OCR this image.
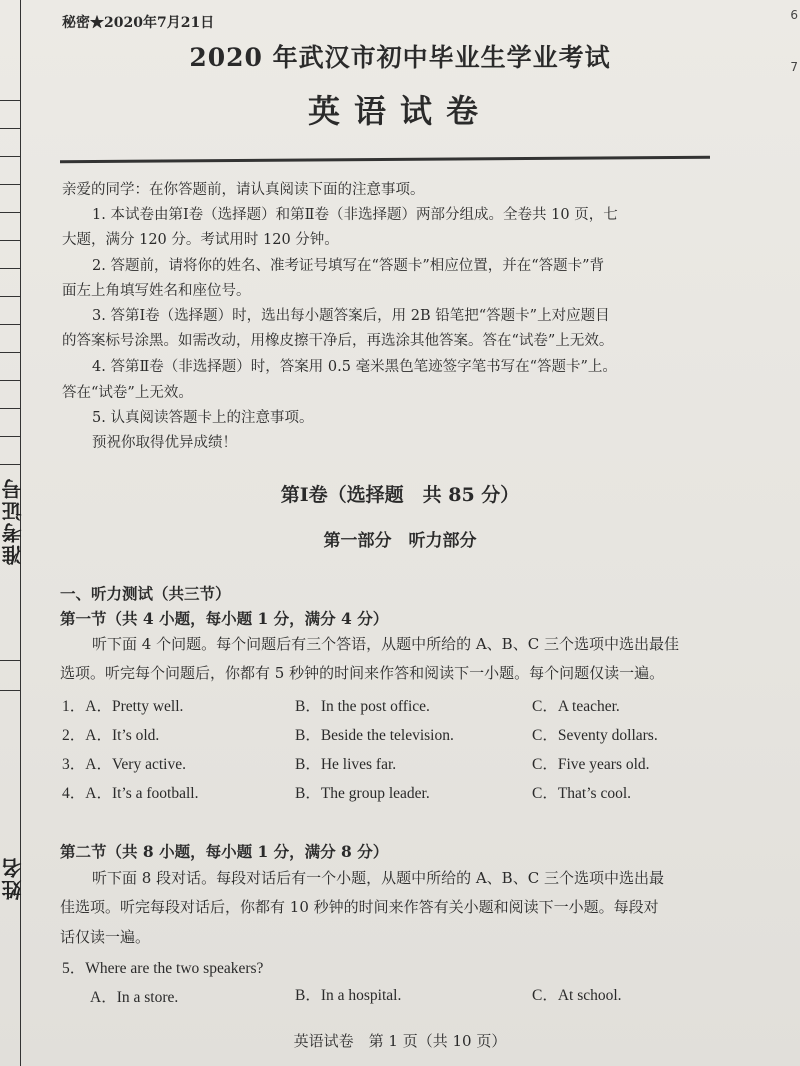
准考证号
姓名
6
7
秘密★2020年7月21日
2020 年武汉市初中毕业生学业考试
英语试卷
亲爱的同学：在你答题前，请认真阅读下面的注意事项。
1. 本试卷由第Ⅰ卷（选择题）和第Ⅱ卷（非选择题）两部分组成。全卷共 10 页，七
大题，满分 120 分。考试用时 120 分钟。
2. 答题前，请将你的姓名、准考证号填写在“答题卡”相应位置，并在“答题卡”背
面左上角填写姓名和座位号。
3. 答第Ⅰ卷（选择题）时，选出每小题答案后，用 2B 铅笔把“答题卡”上对应题目
的答案标号涂黑。如需改动，用橡皮擦干净后，再选涂其他答案。答在“试卷”上无效。
4. 答第Ⅱ卷（非选择题）时，答案用 0.5 毫米黑色笔迹签字笔书写在“答题卡”上。
答在“试卷”上无效。
5. 认真阅读答题卡上的注意事项。
预祝你取得优异成绩！
第Ⅰ卷（选择题　共 85 分）
第一部分　听力部分
一、听力测试（共三节）
第一节（共 4 小题，每小题 1 分，满分 4 分）
听下面 4 个问题。每个问题后有三个答语，从题中所给的 A、B、C 三个选项中选出最佳
选项。听完每个问题后，你都有 5 秒钟的时间来作答和阅读下一小题。每个问题仅读一遍。
1．A．Pretty well.	B．In the post office.	C．A teacher.
2．A．It’s old.	B．Beside the television.	C．Seventy dollars.
3．A．Very active.	B．He lives far.	C．Five years old.
4．A．It’s a football.	B．The group leader.	C．That’s cool.
第二节（共 8 小题，每小题 1 分，满分 8 分）
听下面 8 段对话。每段对话后有一个小题，从题中所给的 A、B、C 三个选项中选出最
佳选项。听完每段对话后，你都有 10 秒钟的时间来作答有关小题和阅读下一小题。每段对
话仅读一遍。
5．Where are the two speakers?
A．In a store.	B．In a hospital.	C．At school.
英语试卷　第 1 页（共 10 页）
